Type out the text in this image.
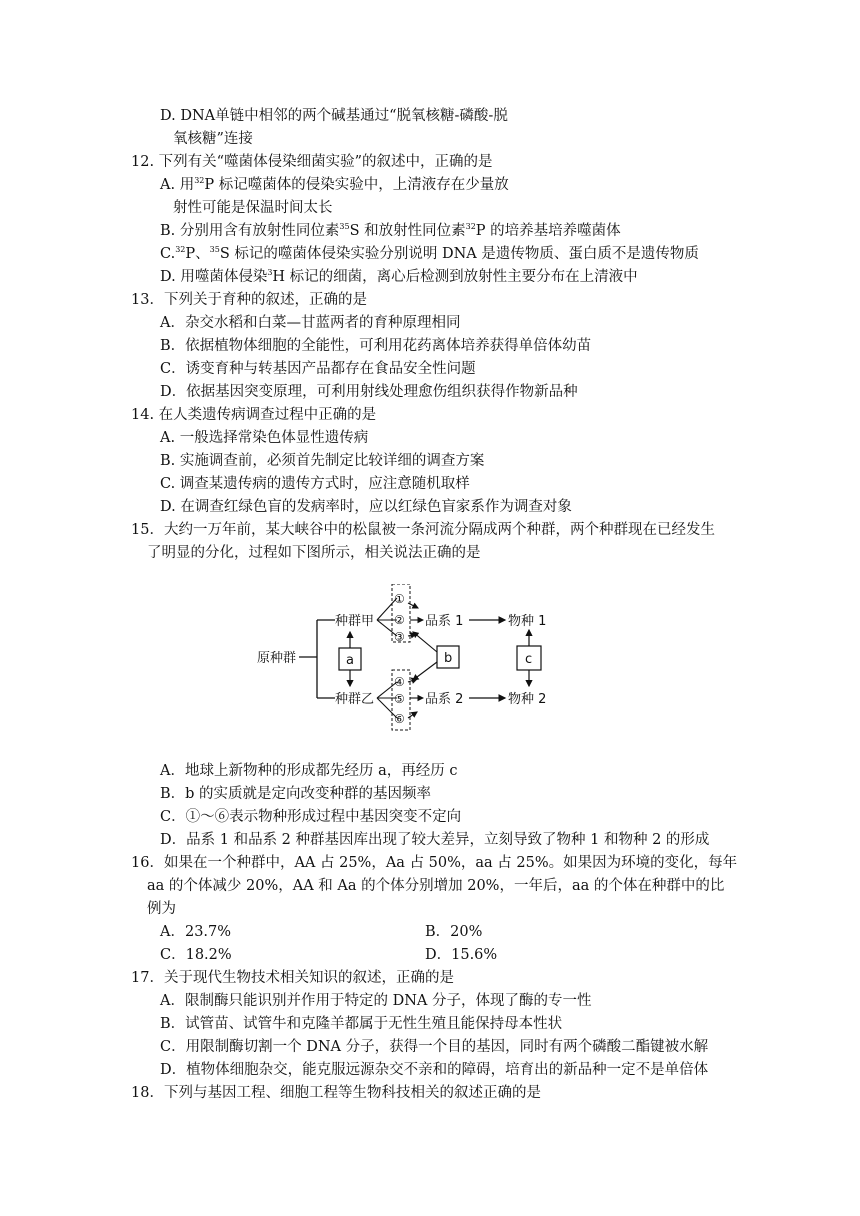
D. DNA单链中相邻的两个碱基通过“脱氧核糖-磷酸-脱
氧核糖”连接
12. 下列有关“噬菌体侵染细菌实验”的叙述中，正确的是
A. 用$^{32}$P 标记噬菌体的侵染实验中，上清液存在少量放
射性可能是保温时间太长
B. 分别用含有放射性同位素$^{35}$S 和放射性同位素$^{32}$P 的培养基培养噬菌体
C.$^{32}$P、$^{35}$S 标记的噬菌体侵染实验分别说明 DNA 是遗传物质、蛋白质不是遗传物质
D. 用噬菌体侵染$^3$H 标记的细菌，离心后检测到放射性主要分布在上清液中
13．下列关于育种的叙述，正确的是
A．杂交水稻和白菜—甘蓝两者的育种原理相同
B．依据植物体细胞的全能性，可利用花药离体培养获得单倍体幼苗
C．诱变育种与转基因产品都存在食品安全性问题
D．依据基因突变原理，可利用射线处理愈伤组织获得作物新品种
14. 在人类遗传病调查过程中正确的是
A. 一般选择常染色体显性遗传病
B. 实施调查前，必须首先制定比较详细的调查方案
C. 调查某遗传病的遗传方式时，应注意随机取样
D. 在调查红绿色盲的发病率时，应以红绿色盲家系作为调查对象
15．大约一万年前，某大峡谷中的松鼠被一条河流分隔成两个种群，两个种群现在已经发生
了明显的分化，过程如下图所示，相关说法正确的是
原种群
种群甲
种群乙
a
①
②
③
④
⑤
⑥
品系 1
品系 2
b
物种 1
物种 2
c
A．地球上新物种的形成都先经历 a，再经历 c
B．b 的实质就是定向改变种群的基因频率
C．①～⑥表示物种形成过程中基因突变不定向
D．品系 1 和品系 2 种群基因库出现了较大差异，立刻导致了物种 1 和物种 2 的形成
16．如果在一个种群中，AA 占 25%，Aa 占 50%，aa 占 25%。如果因为环境的变化，每年
aa 的个体减少 20%，AA 和 Aa 的个体分别增加 20%，一年后，aa 的个体在种群中的比
例为
A．23.7%	B．20%
C．18.2%	D．15.6%
17．关于现代生物技术相关知识的叙述，正确的是
A．限制酶只能识别并作用于特定的 DNA 分子，体现了酶的专一性
B．试管苗、试管牛和克隆羊都属于无性生殖且能保持母本性状
C．用限制酶切割一个 DNA 分子，获得一个目的基因，同时有两个磷酸二酯键被水解
D．植物体细胞杂交，能克服远源杂交不亲和的障碍，培育出的新品种一定不是单倍体
18．下列与基因工程、细胞工程等生物科技相关的叙述正确的是
